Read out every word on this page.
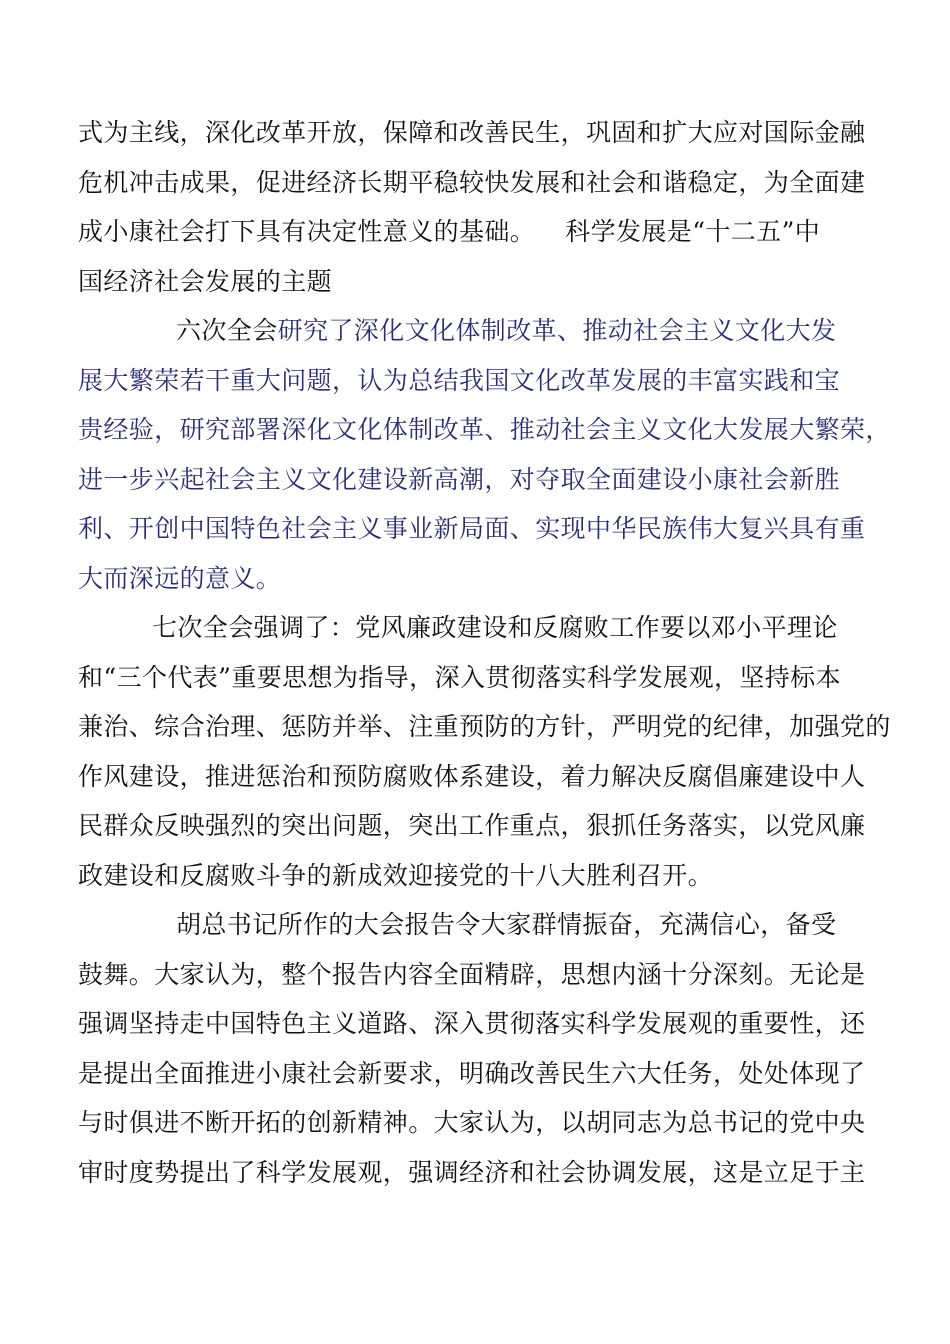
式为主线，深化改革开放，保障和改善民生，巩固和扩大应对国际金融
危机冲击成果，促进经济长期平稳较快发展和社会和谐稳定，为全面建
成小康社会打下具有决定性意义的基础。 科学发展是“十二五”中
国经济社会发展的主题
六次全会研究了深化文化体制改革、推动社会主义文化大发
展大繁荣若干重大问题，认为总结我国文化改革发展的丰富实践和宝
贵经验，研究部署深化文化体制改革、推动社会主义文化大发展大繁荣，
进一步兴起社会主义文化建设新高潮，对夺取全面建设小康社会新胜
利、开创中国特色社会主义事业新局面、实现中华民族伟大复兴具有重
大而深远的意义。
七次全会强调了：党风廉政建设和反腐败工作要以邓小平理论
和“三个代表”重要思想为指导，深入贯彻落实科学发展观，坚持标本
兼治、综合治理、惩防并举、注重预防的方针，严明党的纪律，加强党的
作风建设，推进惩治和预防腐败体系建设，着力解决反腐倡廉建设中人
民群众反映强烈的突出问题，突出工作重点，狠抓任务落实，以党风廉
政建设和反腐败斗争的新成效迎接党的十八大胜利召开。
胡总书记所作的大会报告令大家群情振奋，充满信心，备受
鼓舞。大家认为，整个报告内容全面精辟，思想内涵十分深刻。无论是
强调坚持走中国特色主义道路、深入贯彻落实科学发展观的重要性，还
是提出全面推进小康社会新要求，明确改善民生六大任务，处处体现了
与时俱进不断开拓的创新精神。大家认为，以胡同志为总书记的党中央
审时度势提出了科学发展观，强调经济和社会协调发展，这是立足于主
